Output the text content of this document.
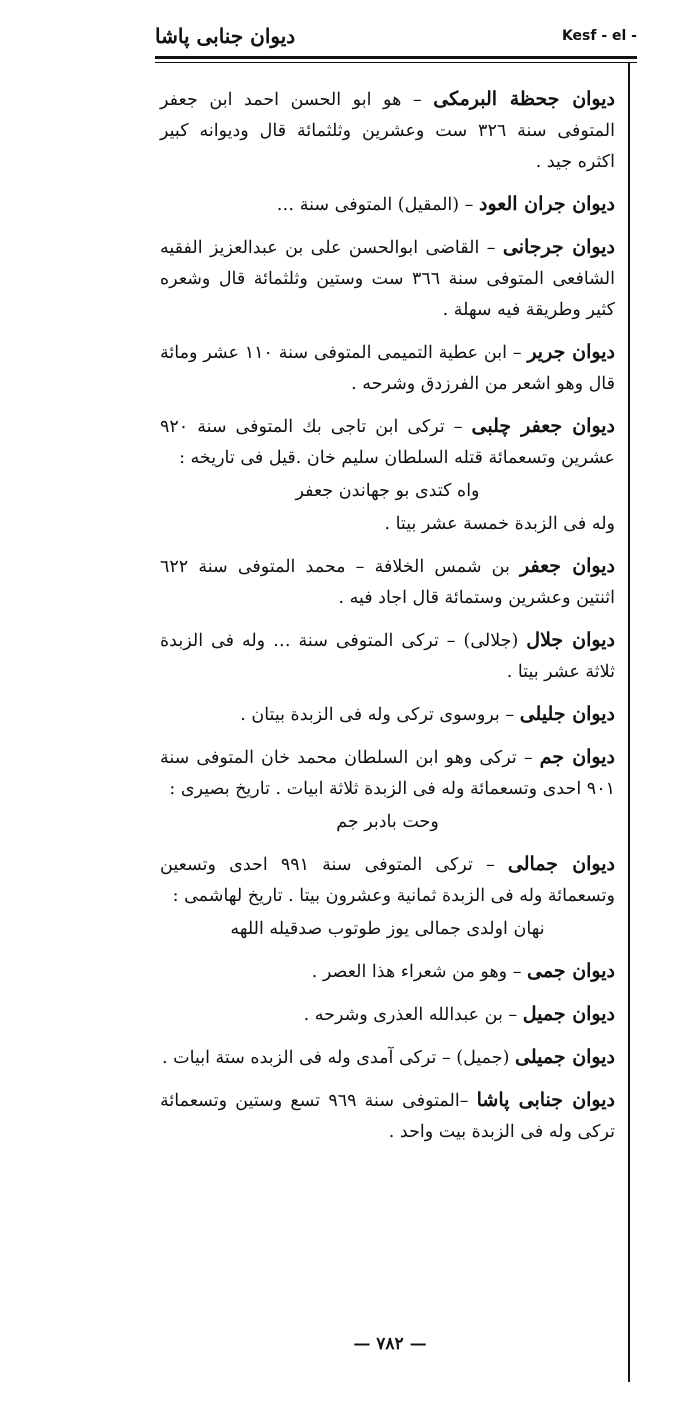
ديوان جنابى پاشا	Kesf - el -
ديوان جحظة البرمكى – هو ابو الحسن احمد ابن جعفر المتوفى سنة ٣٢٦ ست وعشرين وثلثمائة قال وديوانه كبير اكثره جيد .
ديوان جران العود – (المقيل) المتوفى سنة …
ديوان جرجانى – القاضى ابوالحسن على بن عبدالعزيز الفقيه الشافعى المتوفى سنة ٣٦٦ ست وستين وثلثمائة قال وشعره كثير وطريقة فيه سهلة .
ديوان جرير – ابن عطية التميمى المتوفى سنة ١١٠ عشر ومائة قال وهو اشعر من الفرزدق وشرحه .
ديوان جعفر چلبى – تركى ابن تاجى بك المتوفى سنة ٩٢٠ عشرين وتسعمائة قتله السلطان سليم خان .قيل فى تاريخه :
واه كتدى بو جهاندن جعفر
وله فى الزبدة خمسة عشر بيتا .
ديوان جعفر بن شمس الخلافة – محمد المتوفى سنة ٦٢٢ اثنتين وعشرين وستمائة قال اجاد فيه .
ديوان جلال (جلالى) – تركى المتوفى سنة … وله فى الزبدة ثلاثة عشر بيتا .
ديوان جليلى – بروسوى تركى وله فى الزبدة بيتان .
ديوان جم – تركى وهو ابن السلطان محمد خان المتوفى سنة ٩٠١ احدى وتسعمائة وله فى الزبدة ثلاثة ابيات . تاريخ بصيرى :
وحت بادبر جم
ديوان جمالى – تركى المتوفى سنة ٩٩١ احدى وتسعين وتسعمائة وله فى الزبدة ثمانية وعشرون بيتا . تاريخ لهاشمى :
نهان اولدى جمالى يوز طوتوب صدقيله اللهه
ديوان جمى – وهو من شعراء هذا العصر .
ديوان جميل – بن عبدالله العذرى وشرحه .
ديوان جميلى (جميل) – تركى آمدى وله فى الزبده ستة ابيات .
ديوان جنابى پاشا –المتوفى سنة ٩٦٩ تسع وستين وتسعمائة تركى وله فى الزبدة بيت واحد .
— ٧٨٢ —
